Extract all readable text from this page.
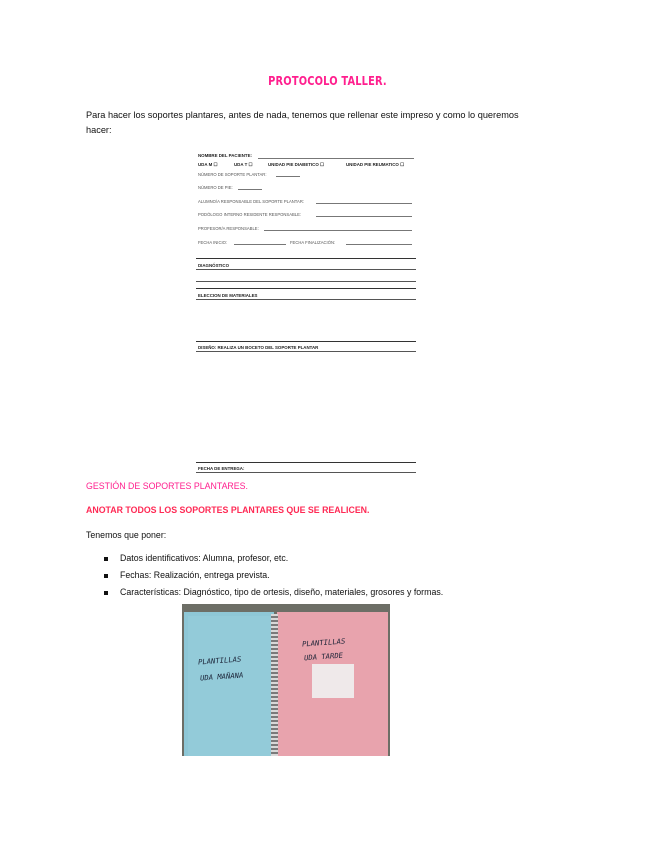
PROTOCOLO TALLER.
Para hacer los soportes plantares, antes de nada, tenemos que rellenar este impreso y como lo queremos hacer:
NOMBRE DEL PACIENTE:
UDA M ☐	UDA T ☐	UNIDAD PIE DIABETICO ☐	UNIDAD PIE REUMATICO ☐
NÚMERO DE SOPORTE PLANTAR:
NÚMERO DE PIE:
ALUMNO/A RESPONSABLE DEL SOPORTE PLANTAR:
PODÓLOGO INTERNO RESIDENTE RESPONSABLE:
PROFESOR/A RESPONSABLE:
FECHA INICIO:	FECHA FINALIZACIÓN:
DIAGNÓSTICO
ELECCION DE MATERIALES
DISEÑO: REALIZA UN BOCETO DEL SOPORTE PLANTAR
FECHA DE ENTREGA:
GESTIÓN DE SOPORTES PLANTARES.
ANOTAR TODOS LOS SOPORTES PLANTARES QUE SE REALICEN.
Tenemos que poner:
Datos identificativos: Alumna, profesor, etc.
Fechas: Realización, entrega prevista.
Características: Diagnóstico, tipo de ortesis, diseño, materiales, grosores y formas.
PLANTILLAS
UDA MAÑANA
PLANTILLAS
UDA TARDE
